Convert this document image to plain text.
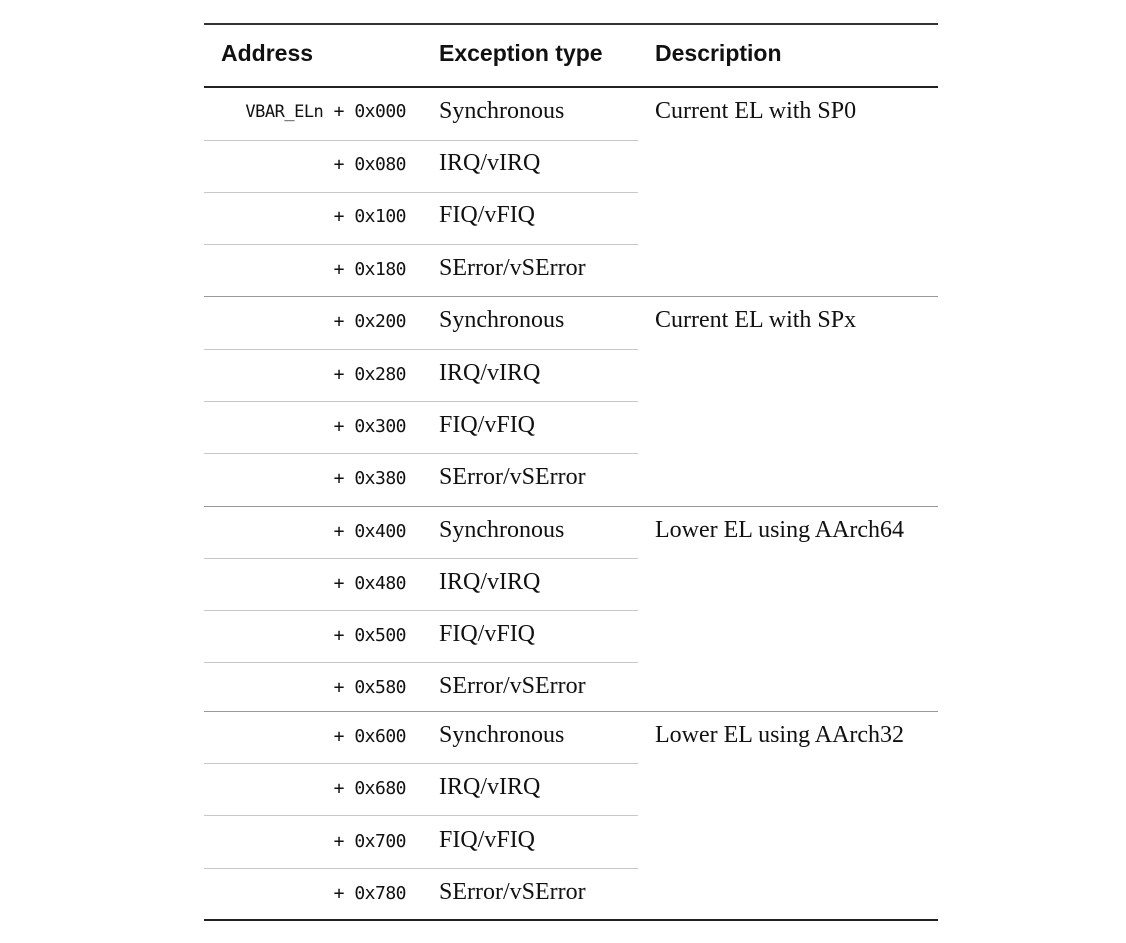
Address	Exception type Description
VBAR_ELn + 0x000 Synchronous	Current EL with SP0
+ 0x080 IRQ/vIRQ
+ 0x100 FIQ/vFIQ
+ 0x180 SError/vSError
+ 0x200 Synchronous	Current EL with SPx
+ 0x280 IRQ/vIRQ
+ 0x300 FIQ/vFIQ
+ 0x380 SError/vSError
+ 0x400 Synchronous	Lower EL using AArch64
+ 0x480 IRQ/vIRQ
+ 0x500 FIQ/vFIQ
+ 0x580 SError/vSError
+ 0x600 Synchronous	Lower EL using AArch32
+ 0x680 IRQ/vIRQ
+ 0x700 FIQ/vFIQ
+ 0x780 SError/vSError
